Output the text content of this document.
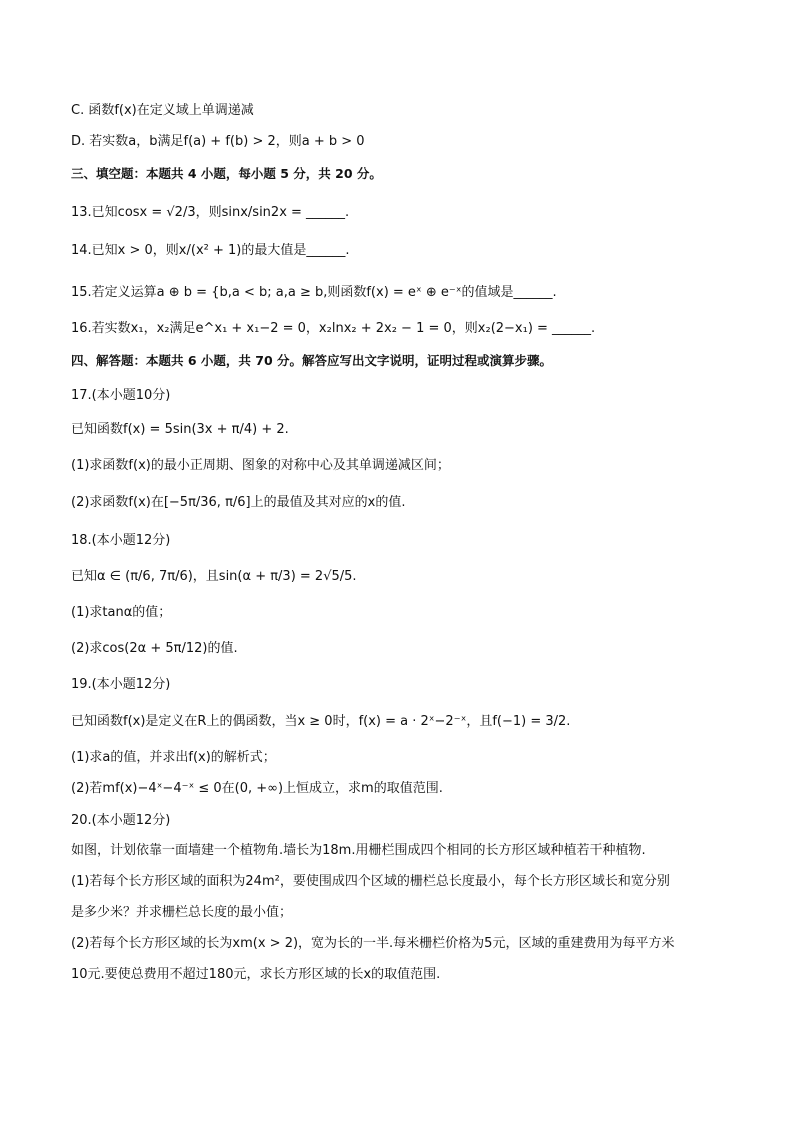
C. 函数f(x)在定义域上单调递减
D. 若实数a，b满足f(a) + f(b) > 2，则a + b > 0
三、填空题：本题共 4 小题，每小题 5 分，共 20 分。
13.已知cosx = √2/3，则sinx/sin2x = ______.
14.已知x > 0，则x/(x² + 1)的最大值是______.
15.若定义运算a ⊕ b = {b,a < b; a,a ≥ b,则函数f(x) = eˣ ⊕ e⁻ˣ的值域是______.
16.若实数x₁，x₂满足e^x₁ + x₁−2 = 0，x₂lnx₂ + 2x₂ − 1 = 0，则x₂(2−x₁) = ______.
四、解答题：本题共 6 小题，共 70 分。解答应写出文字说明，证明过程或演算步骤。
17.(本小题10分)
已知函数f(x) = 5sin(3x + π/4) + 2.
(1)求函数f(x)的最小正周期、图象的对称中心及其单调递减区间；
(2)求函数f(x)在[−5π/36, π/6]上的最值及其对应的x的值.
18.(本小题12分)
已知α ∈ (π/6, 7π/6)，且sin(α + π/3) = 2√5/5.
(1)求tanα的值；
(2)求cos(2α + 5π/12)的值.
19.(本小题12分)
已知函数f(x)是定义在R上的偶函数，当x ≥ 0时，f(x) = a · 2ˣ−2⁻ˣ，且f(−1) = 3/2.
(1)求a的值，并求出f(x)的解析式；
(2)若mf(x)−4ˣ−4⁻ˣ ≤ 0在(0, +∞)上恒成立，求m的取值范围.
20.(本小题12分)
如图，计划依靠一面墙建一个植物角.墙长为18m.用栅栏围成四个相同的长方形区域种植若干种植物.
(1)若每个长方形区域的面积为24m²，要使围成四个区域的栅栏总长度最小，每个长方形区域长和宽分别
是多少米？并求栅栏总长度的最小值；
(2)若每个长方形区域的长为xm(x > 2)，宽为长的一半.每米栅栏价格为5元，区域的重建费用为每平方米
10元.要使总费用不超过180元，求长方形区域的长x的取值范围.
